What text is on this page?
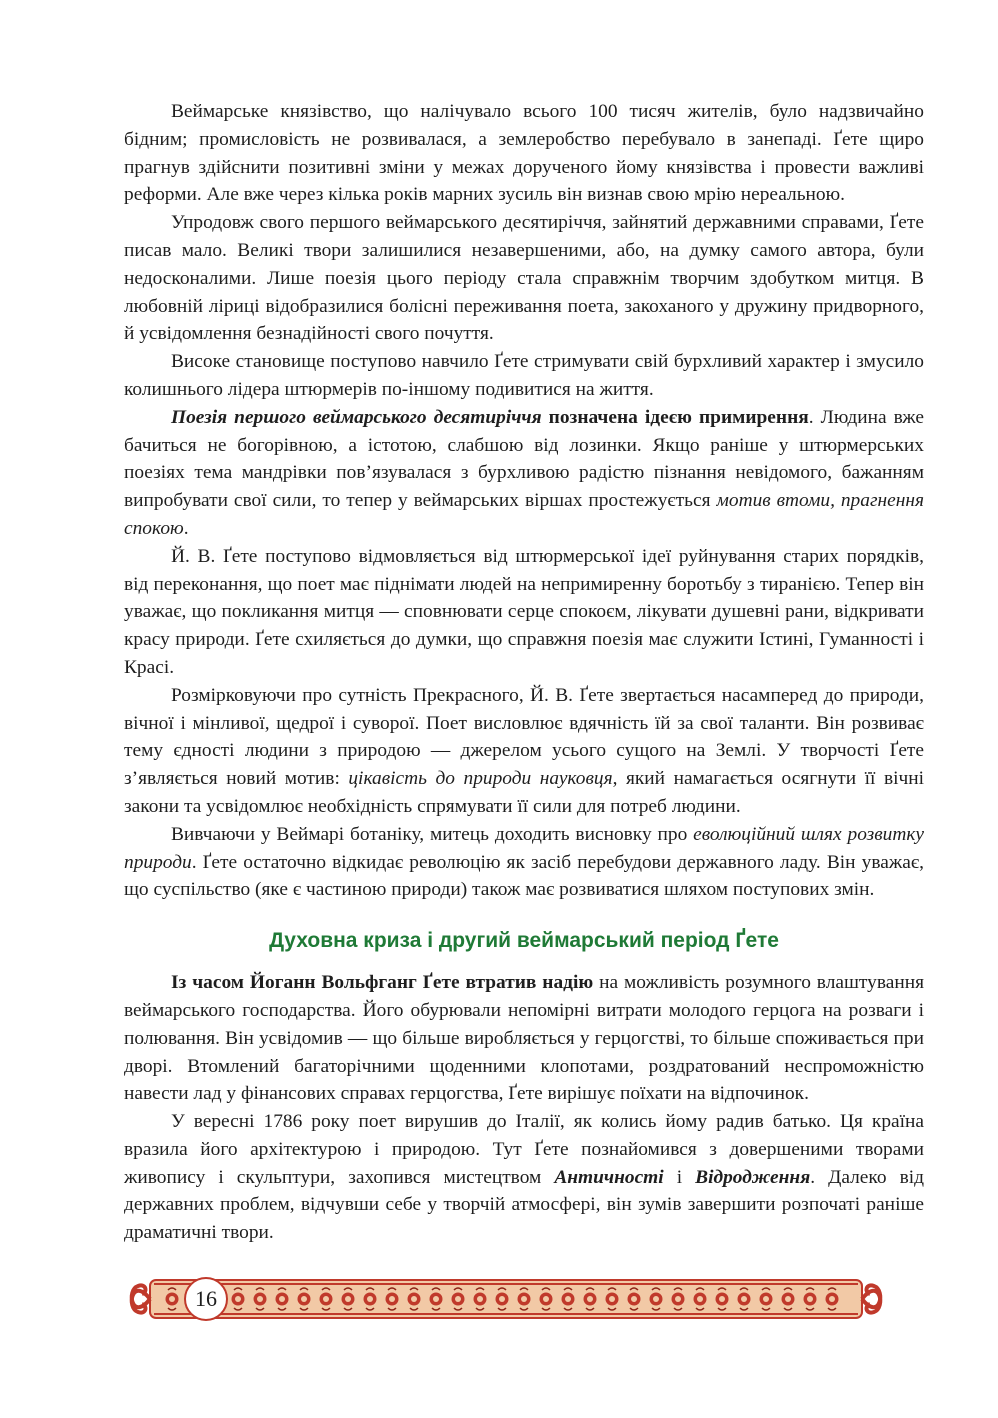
Веймарське князівство, що налічувало всього 100 тисяч жителів, було надзвичайно бідним; промисловість не розвивалася, а землеробство перебувало в занепаді. Ґете щиро прагнув здійснити позитивні зміни у межах дорученого йому князівства і провести важливі реформи. Але вже через кілька років марних зусиль він визнав свою мрію нереальною.

Упродовж свого першого веймарського десятиріччя, зайнятий державними справами, Ґете писав мало. Великі твори залишилися незавершеними, або, на думку самого автора, були недосконалими. Лише поезія цього періоду стала справжнім творчим здобутком митця. В любовній ліриці відобразилися болісні переживання поета, закоханого у дружину придворного, й усвідомлення безнадійності свого почуття.

Високе становище поступово навчило Ґете стримувати свій бурхливий характер і змусило колишнього лідера штюрмерів по-іншому подивитися на життя.

Поезія першого веймарського десятиріччя позначена ідеєю примирення. Людина вже бачиться не богорівною, а істотою, слабшою від лозинки. Якщо раніше у штюрмерських поезіях тема мандрівки пов’язувалася з бурхливою радістю пізнання невідомого, бажанням випробувати свої сили, то тепер у веймарських віршах простежується мотив втоми, прагнення спокою.

Й. В. Ґете поступово відмовляється від штюрмерської ідеї руйнування старих порядків, від переконання, що поет має піднімати людей на непримиренну боротьбу з тиранією. Тепер він уважає, що покликання митця — сповнювати серце спокоєм, лікувати душевні рани, відкривати красу природи. Ґете схиляється до думки, що справжня поезія має служити Істині, Гуманності і Красі.

Розмірковуючи про сутність Прекрасного, Й. В. Ґете звертається насамперед до природи, вічної і мінливої, щедрої і суворої. Поет висловлює вдячність їй за свої таланти. Він розвиває тему єдності людини з природою — джерелом усього сущого на Землі. У творчості Ґете з’являється новий мотив: цікавість до природи науковця, який намагається осягнути її вічні закони та усвідомлює необхідність спрямувати її сили для потреб людини.

Вивчаючи у Веймарі ботаніку, митець доходить висновку про еволюційний шлях розвитку природи. Ґете остаточно відкидає революцію як засіб перебудови державного ладу. Він уважає, що суспільство (яке є частиною природи) також має розвиватися шляхом поступових змін.

Духовна криза і другий веймарський період Ґете

Із часом Йоганн Вольфганг Ґете втратив надію на можливість розумного влаштування веймарського господарства. Його обурювали непомірні витрати молодого герцога на розваги і полювання. Він усвідомив — що більше виробляється у герцогстві, то більше споживається при дворі. Втомлений багаторічними щоденними клопотами, роздратований неспроможністю навести лад у фінансових справах герцогства, Ґете вирішує поїхати на відпочинок.

У вересні 1786 року поет вирушив до Італії, як колись йому радив батько. Ця країна вразила його архітектурою і природою. Тут Ґете познайомився з довершеними творами живопису і скульптури, захопився мистецтвом Античності і Відродження. Далеко від державних проблем, відчувши себе у творчій атмосфері, він зумів завершити розпочаті раніше драматичні твори.

16
